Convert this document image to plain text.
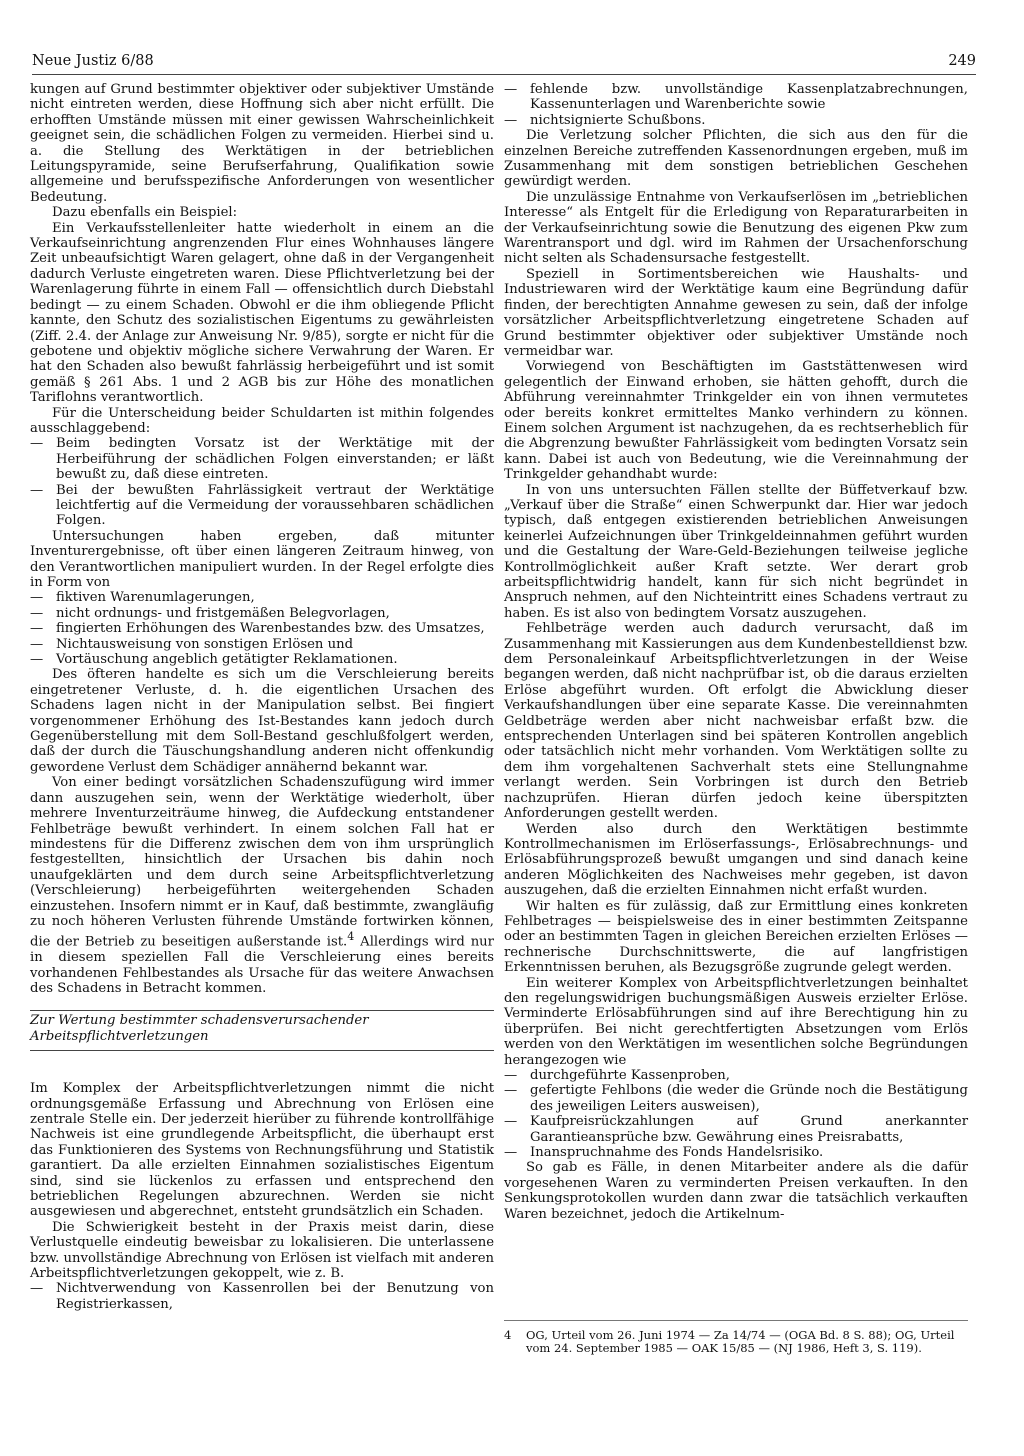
Neue Justiz 6/88	249

kungen auf Grund bestimmter objektiver oder subjektiver Umstände nicht eintreten werden, diese Hoffnung sich aber nicht erfüllt. Die erhofften Umstände müssen mit einer gewissen Wahrscheinlichkeit geeignet sein, die schädlichen Folgen zu vermeiden. Hierbei sind u. a. die Stellung des Werktätigen in der betrieblichen Leitungspyramide, seine Berufserfahrung, Qualifikation sowie allgemeine und berufsspezifische Anforderungen von wesentlicher Bedeutung.

Dazu ebenfalls ein Beispiel:

Ein Verkaufsstellenleiter hatte wiederholt in einem an die Verkaufseinrichtung angrenzenden Flur eines Wohnhauses längere Zeit unbeaufsichtigt Waren gelagert, ohne daß in der Vergangenheit dadurch Verluste eingetreten waren. Diese Pflichtverletzung bei der Warenlagerung führte in einem Fall — offensichtlich durch Diebstahl bedingt — zu einem Schaden. Obwohl er die ihm obliegende Pflicht kannte, den Schutz des sozialistischen Eigentums zu gewährleisten (Ziff. 2.4. der Anlage zur Anweisung Nr. 9/85), sorgte er nicht für die gebotene und objektiv mögliche sichere Verwahrung der Waren. Er hat den Schaden also bewußt fahrlässig herbeigeführt und ist somit gemäß § 261 Abs. 1 und 2 AGB bis zur Höhe des monatlichen Tariflohns verantwortlich.

Für die Unterscheidung beider Schuldarten ist mithin folgendes ausschlaggebend:

— Beim bedingten Vorsatz ist der Werktätige mit der Herbeiführung der schädlichen Folgen einverstanden; er läßt bewußt zu, daß diese eintreten.

— Bei der bewußten Fahrlässigkeit vertraut der Werktätige leichtfertig auf die Vermeidung der voraussehbaren schädlichen Folgen.

Untersuchungen haben ergeben, daß mitunter Inventurergebnisse, oft über einen längeren Zeitraum hinweg, von den Verantwortlichen manipuliert wurden. In der Regel erfolgte dies in Form von

— fiktiven Warenumlagerungen,

— nicht ordnungs- und fristgemäßen Belegvorlagen,

— fingierten Erhöhungen des Warenbestandes bzw. des Umsatzes,

— Nichtausweisung von sonstigen Erlösen und

— Vortäuschung angeblich getätigter Reklamationen.

Des öfteren handelte es sich um die Verschleierung bereits eingetretener Verluste, d. h. die eigentlichen Ursachen des Schadens lagen nicht in der Manipulation selbst. Bei fingiert vorgenommener Erhöhung des Ist-Bestandes kann jedoch durch Gegenüberstellung mit dem Soll-Bestand geschlußfolgert werden, daß der durch die Täuschungshandlung anderen nicht offenkundig gewordene Verlust dem Schädiger annähernd bekannt war.

Von einer bedingt vorsätzlichen Schadenszufügung wird immer dann auszugehen sein, wenn der Werktätige wiederholt, über mehrere Inventurzeiträume hinweg, die Aufdeckung entstandener Fehlbeträge bewußt verhindert. In einem solchen Fall hat er mindestens für die Differenz zwischen dem von ihm ursprünglich festgestellten, hinsichtlich der Ursachen bis dahin noch unaufgeklärten und dem durch seine Arbeitspflichtverletzung (Verschleierung) herbeigeführten weitergehenden Schaden einzustehen. Insofern nimmt er in Kauf, daß bestimmte, zwangläufig zu noch höheren Verlusten führende Umstände fortwirken können, die der Betrieb zu beseitigen außerstande ist.$^4$ Allerdings wird nur in diesem speziellen Fall die Verschleierung eines bereits vorhandenen Fehlbestandes als Ursache für das weitere Anwachsen des Schadens in Betracht kommen.

Zur Wertung bestimmter schadensverursachender Arbeitspflichtverletzungen

Im Komplex der Arbeitspflichtverletzungen nimmt die nicht ordnungsgemäße Erfassung und Abrechnung von Erlösen eine zentrale Stelle ein. Der jederzeit hierüber zu führende kontrollfähige Nachweis ist eine grundlegende Arbeitspflicht, die überhaupt erst das Funktionieren des Systems von Rechnungsführung und Statistik garantiert. Da alle erzielten Einnahmen sozialistisches Eigentum sind, sind sie lückenlos zu erfassen und entsprechend den betrieblichen Regelungen abzurechnen. Werden sie nicht ausgewiesen und abgerechnet, entsteht grundsätzlich ein Schaden.

Die Schwierigkeit besteht in der Praxis meist darin, diese Verlustquelle eindeutig beweisbar zu lokalisieren. Die unterlassene bzw. unvollständige Abrechnung von Erlösen ist vielfach mit anderen Arbeitspflichtverletzungen gekoppelt, wie z. B.

— Nichtverwendung von Kassenrollen bei der Benutzung von Registrierkassen,

— fehlende bzw. unvollständige Kassenplatzabrechnungen, Kassenunterlagen und Warenberichte sowie

— nichtsignierte Schußbons.

Die Verletzung solcher Pflichten, die sich aus den für die einzelnen Bereiche zutreffenden Kassenordnungen ergeben, muß im Zusammenhang mit dem sonstigen betrieblichen Geschehen gewürdigt werden.

Die unzulässige Entnahme von Verkaufserlösen im „betrieblichen Interesse“ als Entgelt für die Erledigung von Reparaturarbeiten in der Verkaufseinrichtung sowie die Benutzung des eigenen Pkw zum Warentransport und dgl. wird im Rahmen der Ursachenforschung nicht selten als Schadensursache festgestellt.

Speziell in Sortimentsbereichen wie Haushalts- und Industriewaren wird der Werktätige kaum eine Begründung dafür finden, der berechtigten Annahme gewesen zu sein, daß der infolge vorsätzlicher Arbeitspflichtverletzung eingetretene Schaden auf Grund bestimmter objektiver oder subjektiver Umstände noch vermeidbar war.

Vorwiegend von Beschäftigten im Gaststättenwesen wird gelegentlich der Einwand erhoben, sie hätten gehofft, durch die Abführung vereinnahmter Trinkgelder ein von ihnen vermutetes oder bereits konkret ermitteltes Manko verhindern zu können. Einem solchen Argument ist nachzugehen, da es rechtserheblich für die Abgrenzung bewußter Fahrlässigkeit vom bedingten Vorsatz sein kann. Dabei ist auch von Bedeutung, wie die Vereinnahmung der Trinkgelder gehandhabt wurde:

In von uns untersuchten Fällen stellte der Büffetverkauf bzw. „Verkauf über die Straße“ einen Schwerpunkt dar. Hier war jedoch typisch, daß entgegen existierenden betrieblichen Anweisungen keinerlei Aufzeichnungen über Trinkgeldeinnahmen geführt wurden und die Gestaltung der Ware-Geld-Beziehungen teilweise jegliche Kontrollmöglichkeit außer Kraft setzte. Wer derart grob arbeitspflichtwidrig handelt, kann für sich nicht begründet in Anspruch nehmen, auf den Nichteintritt eines Schadens vertraut zu haben. Es ist also von bedingtem Vorsatz auszugehen.

Fehlbeträge werden auch dadurch verursacht, daß im Zusammenhang mit Kassierungen aus dem Kundenbestelldienst bzw. dem Personaleinkauf Arbeitspflichtverletzungen in der Weise begangen werden, daß nicht nachprüfbar ist, ob die daraus erzielten Erlöse abgeführt wurden. Oft erfolgt die Abwicklung dieser Verkaufshandlungen über eine separate Kasse. Die vereinnahmten Geldbeträge werden aber nicht nachweisbar erfaßt bzw. die entsprechenden Unterlagen sind bei späteren Kontrollen angeblich oder tatsächlich nicht mehr vorhanden. Vom Werktätigen sollte zu dem ihm vorgehaltenen Sachverhalt stets eine Stellungnahme verlangt werden. Sein Vorbringen ist durch den Betrieb nachzuprüfen. Hieran dürfen jedoch keine überspitzten Anforderungen gestellt werden.

Werden also durch den Werktätigen bestimmte Kontrollmechanismen im Erlöserfassungs-, Erlösabrechnungs- und Erlösabführungsprozeß bewußt umgangen und sind danach keine anderen Möglichkeiten des Nachweises mehr gegeben, ist davon auszugehen, daß die erzielten Einnahmen nicht erfaßt wurden.

Wir halten es für zulässig, daß zur Ermittlung eines konkreten Fehlbetrages — beispielsweise des in einer bestimmten Zeitspanne oder an bestimmten Tagen in gleichen Bereichen erzielten Erlöses — rechnerische Durchschnittswerte, die auf langfristigen Erkenntnissen beruhen, als Bezugsgröße zugrunde gelegt werden.

Ein weiterer Komplex von Arbeitspflichtverletzungen beinhaltet den regelungswidrigen buchungsmäßigen Ausweis erzielter Erlöse. Verminderte Erlösabführungen sind auf ihre Berechtigung hin zu überprüfen. Bei nicht gerechtfertigten Absetzungen vom Erlös werden von den Werktätigen im wesentlichen solche Begründungen herangezogen wie

— durchgeführte Kassenproben,

— gefertigte Fehlbons (die weder die Gründe noch die Bestätigung des jeweiligen Leiters ausweisen),

— Kaufpreisrückzahlungen auf Grund anerkannter Garantieansprüche bzw. Gewährung eines Preisrabatts,

— Inanspruchnahme des Fonds Handelsrisiko.

So gab es Fälle, in denen Mitarbeiter andere als die dafür vorgesehenen Waren zu verminderten Preisen verkauften. In den Senkungsprotokollen wurden dann zwar die tatsächlich verkauften Waren bezeichnet, jedoch die Artikelnum-

4 OG, Urteil vom 26. Juni 1974 — Za 14/74 — (OGA Bd. 8 S. 88); OG, Urteil vom 24. September 1985 — OAK 15/85 — (NJ 1986, Heft 3, S. 119).
